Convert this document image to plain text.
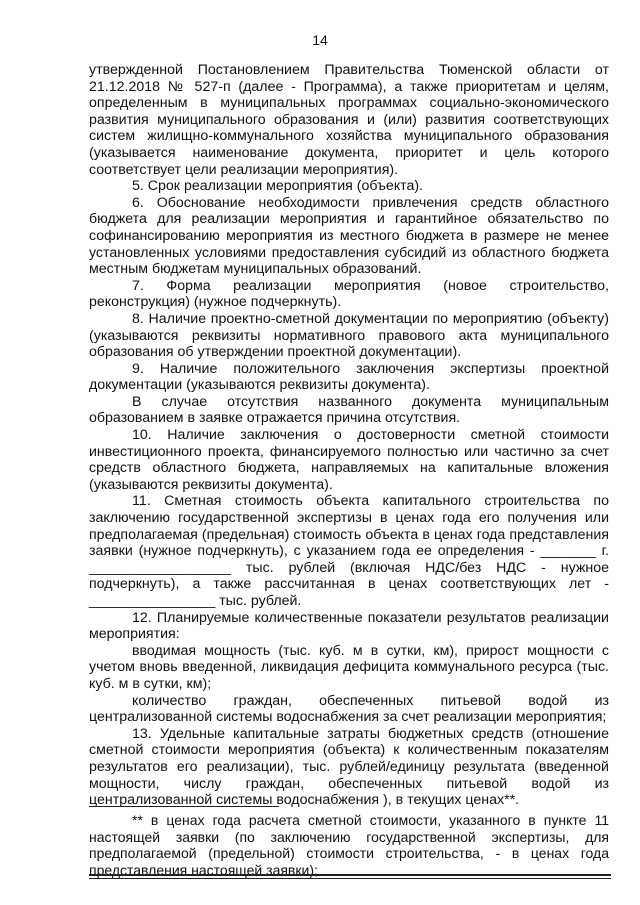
14

утвержденной Постановлением Правительства Тюменской области от 21.12.2018 № 527-п (далее - Программа), а также приоритетам и целям, определенным в муниципальных программах социально-экономического развития муниципального образования и (или) развития соответствующих систем жилищно-коммунального хозяйства муниципального образования (указывается наименование документа, приоритет и цель которого соответствует цели реализации мероприятия).

5. Срок реализации мероприятия (объекта).

6. Обоснование необходимости привлечения средств областного бюджета для реализации мероприятия и гарантийное обязательство по софинансированию мероприятия из местного бюджета в размере не менее установленных условиями предоставления субсидий из областного бюджета местным бюджетам муниципальных образований.

7. Форма реализации мероприятия (новое строительство, реконструкция) (нужное подчеркнуть).

8. Наличие проектно-сметной документации по мероприятию (объекту) (указываются реквизиты нормативного правового акта муниципального образования об утверждении проектной документации).

9. Наличие положительного заключения экспертизы проектной документации (указываются реквизиты документа).

В случае отсутствия названного документа муниципальным образованием в заявке отражается причина отсутствия.

10. Наличие заключения о достоверности сметной стоимости инвестиционного проекта, финансируемого полностью или частично за счет средств областного бюджета, направляемых на капитальные вложения (указываются реквизиты документа).

11. Сметная стоимость объекта капитального строительства по заключению государственной экспертизы в ценах года его получения или предполагаемая (предельная) стоимость объекта в ценах года представления заявки (нужное подчеркнуть), с указанием года ее определения - _______ г. __________________ тыс. рублей (включая НДС/без НДС - нужное подчеркнуть), а также рассчитанная в ценах соответствующих лет - ________________ тыс. рублей.

12. Планируемые количественные показатели результатов реализации мероприятия:

вводимая мощность (тыс. куб. м в сутки, км), прирост мощности с учетом вновь введенной, ликвидация дефицита коммунального ресурса (тыс. куб. м в сутки, км);

количество граждан, обеспеченных питьевой водой из централизованной системы водоснабжения за счет реализации мероприятия;

13. Удельные капитальные затраты бюджетных средств (отношение сметной стоимости мероприятия (объекта) к количественным показателям результатов его реализации), тыс. рублей/единицу результата (введенной мощности, числу граждан, обеспеченных питьевой водой из централизованной системы водоснабжения ), в текущих ценах**.

** в ценах года расчета сметной стоимости, указанного в пункте 11 настоящей заявки (по заключению государственной экспертизы, для предполагаемой (предельной) стоимости строительства, - в ценах года представления настоящей заявки);
